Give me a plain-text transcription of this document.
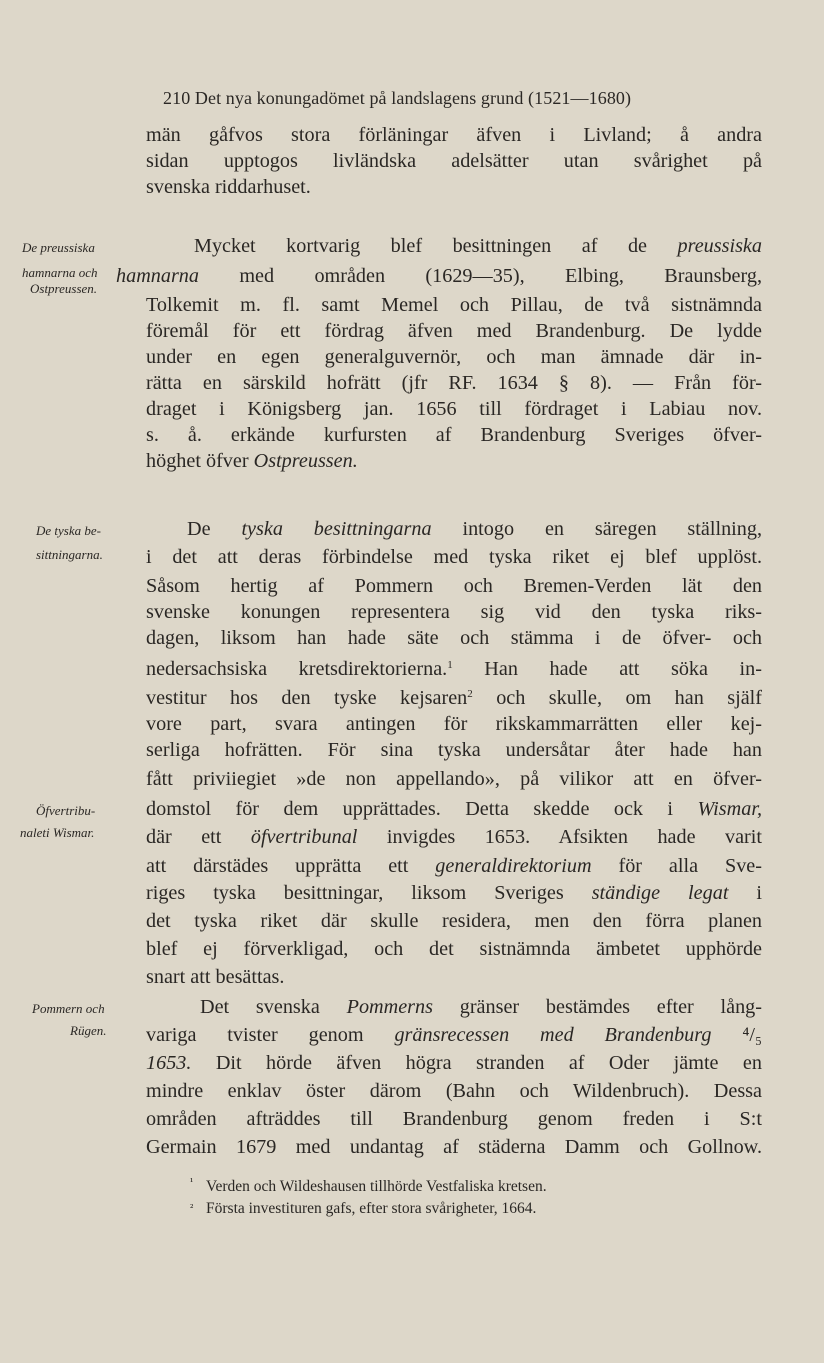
210 Det nya konungadömet på landslagens grund (1521—1680)
män gåfvos stora förläningar äfven i Livland; å andra
sidan upptogos livländska adelsätter utan svårighet på
svenska riddarhuset.
De preussiska
hamnarna och
Ostpreussen.
Mycket kortvarig blef besittningen af de preussiska
hamnarna med områden (1629—35), Elbing, Braunsberg,
Tolkemit m. fl. samt Memel och Pillau, de två sistnämnda
föremål för ett fördrag äfven med Brandenburg. De lydde
under en egen generalguvernör, och man ämnade där in-
rätta en särskild hofrätt (jfr RF. 1634 § 8). — Från för-
draget i Königsberg jan. 1656 till fördraget i Labiau nov.
s. å. erkände kurfursten af Brandenburg Sveriges öfver-
höghet öfver Ostpreussen.
De tyska be-
sittningarna.
De tyska besittningarna intogo en säregen ställning,
i det att deras förbindelse med tyska riket ej blef upplöst.
Såsom hertig af Pommern och Bremen-Verden lät den
svenske konungen representera sig vid den tyska riks-
dagen, liksom han hade säte och stämma i de öfver- och
nedersachsiska kretsdirektorierna.$^1$ Han hade att söka in-
vestitur hos den tyske kejsaren$^2$ och skulle, om han själf
vore part, svara antingen för rikskammarrätten eller kej-
serliga hofrätten. För sina tyska undersåtar åter hade han
fått priviiegiet »de non appellando», på vilikor att en öfver-
Öfvertribu-
naleti Wismar.
domstol för dem upprättades. Detta skedde ock i Wismar,
där ett öfvertribunal invigdes 1653. Afsikten hade varit
att därstädes upprätta ett generaldirektorium för alla Sve-
riges tyska besittningar, liksom Sveriges ständige legat i
det tyska riket där skulle residera, men den förra planen
blef ej förverkligad, och det sistnämnda ämbetet upphörde
snart att besättas.
Pommern och
Rügen.
Det svenska Pommerns gränser bestämdes efter lång-
variga tvister genom gränsrecessen med Brandenburg ⁴/₅
1653. Dit hörde äfven högra stranden af Oder jämte en
mindre enklav öster därom (Bahn och Wildenbruch). Dessa
områden afträddes till Brandenburg genom freden i S:t
Germain 1679 med undantag af städerna Damm och Gollnow.
¹ Verden och Wildeshausen tillhörde Vestfaliska kretsen.
² Första investituren gafs, efter stora svårigheter, 1664.
